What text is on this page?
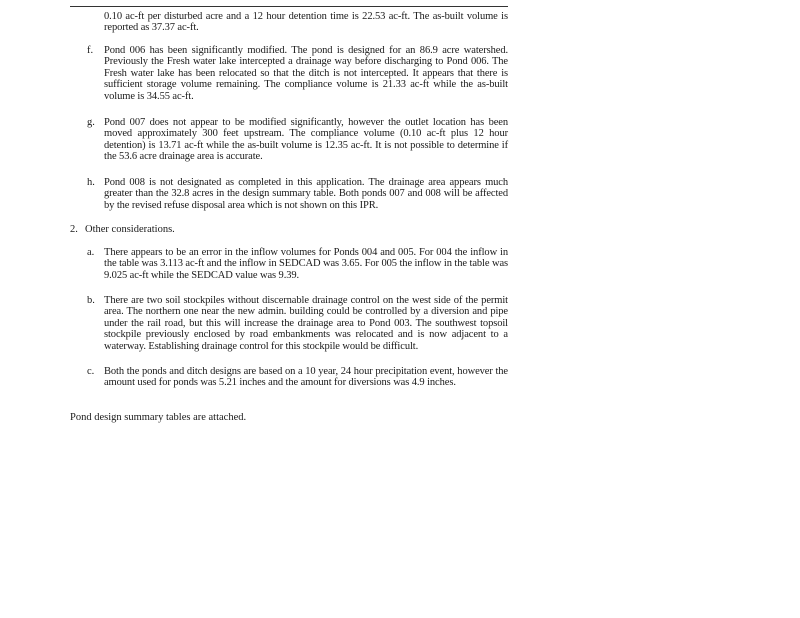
0.10 ac-ft per disturbed acre and a 12 hour detention time is 22.53 ac-ft. The as-built volume is reported as 37.37 ac-ft.
f. Pond 006 has been significantly modified. The pond is designed for an 86.9 acre watershed. Previously the Fresh water lake intercepted a drainage way before discharging to Pond 006. The Fresh water lake has been relocated so that the ditch is not intercepted. It appears that there is sufficient storage volume remaining. The compliance volume is 21.33 ac-ft while the as-built volume is 34.55 ac-ft.
g. Pond 007 does not appear to be modified significantly, however the outlet location has been moved approximately 300 feet upstream. The compliance volume (0.10 ac-ft plus 12 hour detention) is 13.71 ac-ft while the as-built volume is 12.35 ac-ft. It is not possible to determine if the 53.6 acre drainage area is accurate.
h. Pond 008 is not designated as completed in this application. The drainage area appears much greater than the 32.8 acres in the design summary table. Both ponds 007 and 008 will be affected by the revised refuse disposal area which is not shown on this IPR.
2. Other considerations.
a. There appears to be an error in the inflow volumes for Ponds 004 and 005. For 004 the inflow in the table was 3.113 ac-ft and the inflow in SEDCAD was 3.65. For 005 the inflow in the table was 9.025 ac-ft while the SEDCAD value was 9.39.
b. There are two soil stockpiles without discernable drainage control on the west side of the permit area. The northern one near the new admin. building could be controlled by a diversion and pipe under the rail road, but this will increase the drainage area to Pond 003. The southwest topsoil stockpile previously enclosed by road embankments was relocated and is now adjacent to a waterway. Establishing drainage control for this stockpile would be difficult.
c. Both the ponds and ditch designs are based on a 10 year, 24 hour precipitation event, however the amount used for ponds was 5.21 inches and the amount for diversions was 4.9 inches.
Pond design summary tables are attached.
